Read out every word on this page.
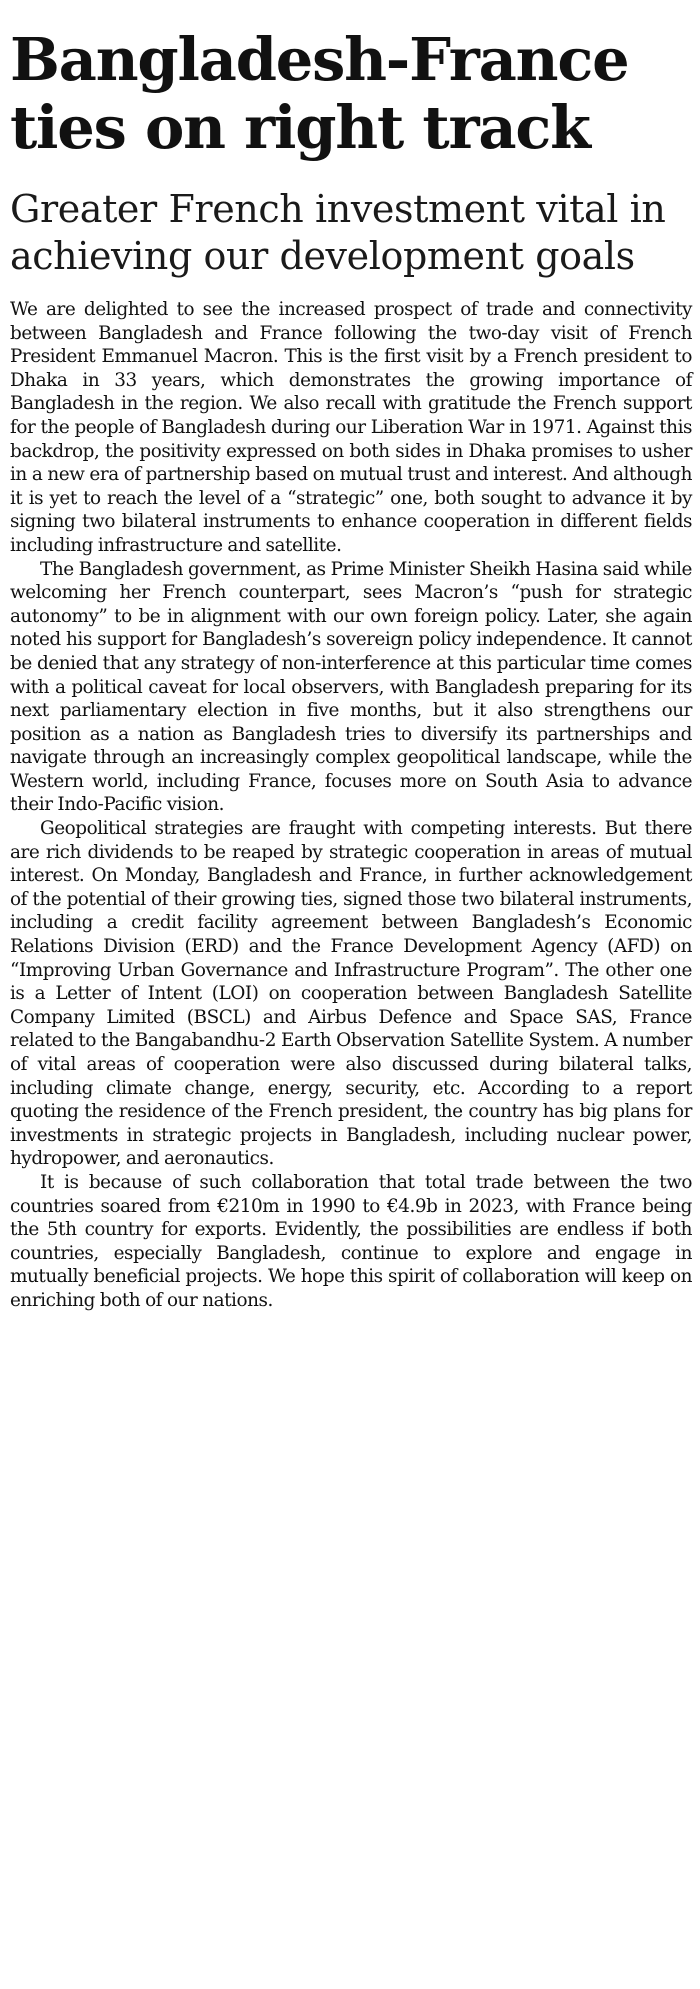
Bangladesh-France ties on right track
Greater French investment vital in achieving our development goals

We are delighted to see the increased prospect of trade and connectivity between Bangladesh and France following the two-day visit of French President Emmanuel Macron. This is the first visit by a French president to Dhaka in 33 years, which demonstrates the growing importance of Bangladesh in the region. We also recall with gratitude the French support for the people of Bangladesh during our Liberation War in 1971. Against this backdrop, the positivity expressed on both sides in Dhaka promises to usher in a new era of partnership based on mutual trust and interest. And although it is yet to reach the level of a “strategic” one, both sought to advance it by signing two bilateral instruments to enhance cooperation in different fields including infrastructure and satellite.

The Bangladesh government, as Prime Minister Sheikh Hasina said while welcoming her French counterpart, sees Macron’s “push for strategic autonomy” to be in alignment with our own foreign policy. Later, she again noted his support for Bangladesh’s sovereign policy independence. It cannot be denied that any strategy of non-interference at this particular time comes with a political caveat for local observers, with Bangladesh preparing for its next parliamentary election in five months, but it also strengthens our position as a nation as Bangladesh tries to diversify its partnerships and navigate through an increasingly complex geopolitical landscape, while the Western world, including France, focuses more on South Asia to advance their Indo-Pacific vision.

Geopolitical strategies are fraught with competing interests. But there are rich dividends to be reaped by strategic cooperation in areas of mutual interest. On Monday, Bangladesh and France, in further acknowledgement of the potential of their growing ties, signed those two bilateral instruments, including a credit facility agreement between Bangladesh’s Economic Relations Division (ERD) and the France Development Agency (AFD) on “Improving Urban Governance and Infrastructure Program”. The other one is a Letter of Intent (LOI) on cooperation between Bangladesh Satellite Company Limited (BSCL) and Airbus Defence and Space SAS, France related to the Bangabandhu-2 Earth Observation Satellite System. A number of vital areas of cooperation were also discussed during bilateral talks, including climate change, energy, security, etc. According to a report quoting the residence of the French president, the country has big plans for investments in strategic projects in Bangladesh, including nuclear power, hydropower, and aeronautics.

It is because of such collaboration that total trade between the two countries soared from €210m in 1990 to €4.9b in 2023, with France being the 5th country for exports. Evidently, the possibilities are endless if both countries, especially Bangladesh, continue to explore and engage in mutually beneficial projects. We hope this spirit of collaboration will keep on enriching both of our nations.
